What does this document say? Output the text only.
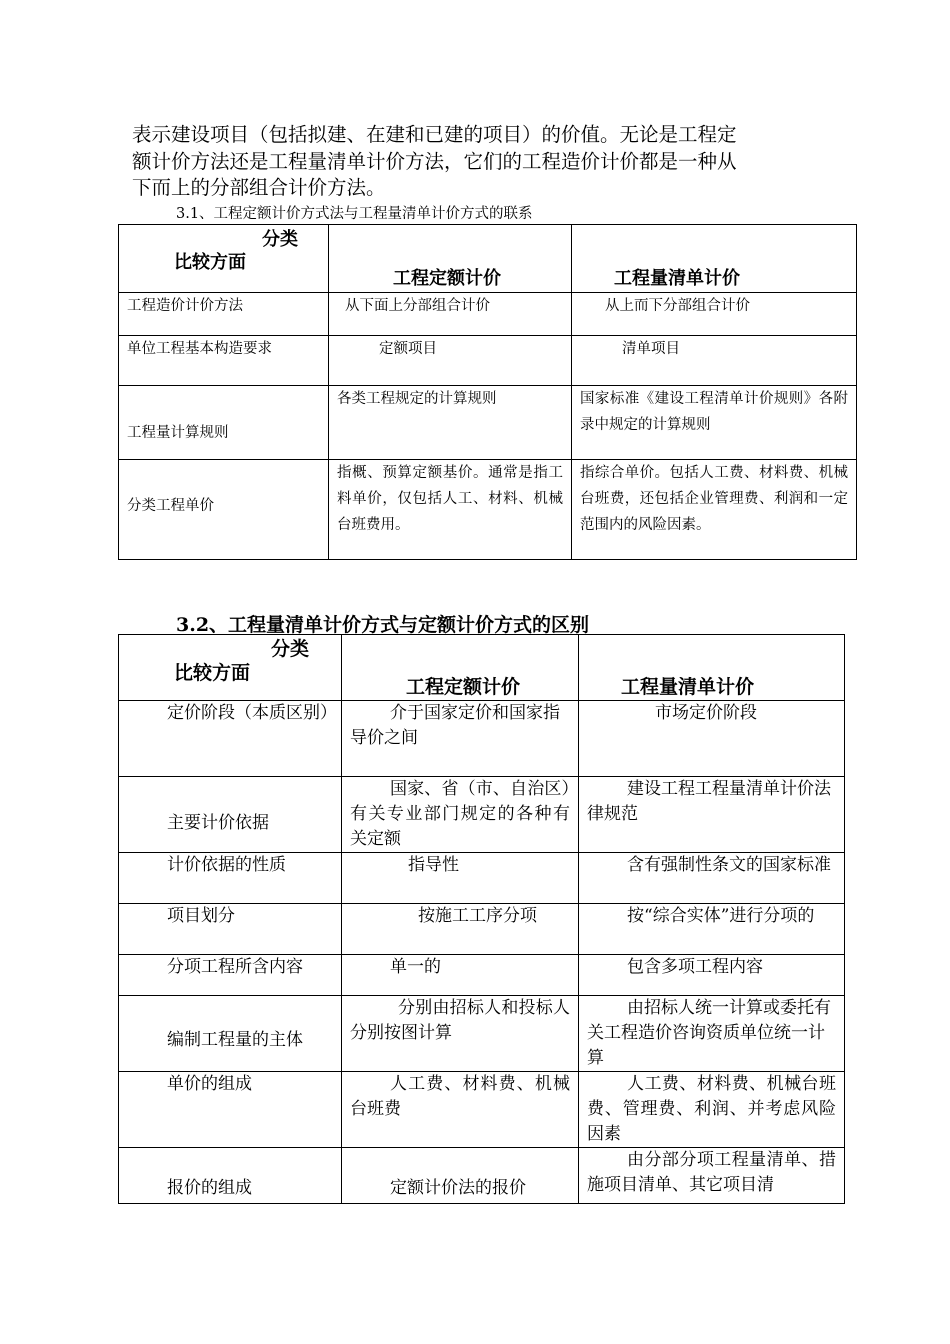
表示建设项目（包括拟建、在建和已建的项目）的价值。无论是工程定
额计价方法还是工程量清单计价方法，它们的工程造价计价都是一种从
下而上的分部组合计价方法。
3.1、工程定额计价方式法与工程量清单计价方式的联系
分类
比较方面	工程定额计价	工程量清单计价
工程造价计价方法	从下面上分部组合计价	从上而下分部组合计价
单位工程基本构造要求	定额项目	清单项目
工程量计算规则	各类工程规定的计算规则	国家标准《建设工程清单计价规则》各附录中规定的计算规则
分类工程单价	指概、预算定额基价。通常是指工料单价，仅包括人工、材料、机械台班费用。	指综合单价。包括人工费、材料费、机械台班费，还包括企业管理费、利润和一定范围内的风险因素。
3.2、工程量清单计价方式与定额计价方式的区别
分类
比较方面	工程定额计价	工程量清单计价
定价阶段（本质区别）	介于国家定价和国家指导价之间	市场定价阶段
主要计价依据	国家、省（市、自治区）有关专业部门规定的各种有关定额	建设工程工程量清单计价法律规范
计价依据的性质	指导性	含有强制性条文的国家标准
项目划分	按施工工序分项	按“综合实体”进行分项的
分项工程所含内容	单一的	包含多项工程内容
编制工程量的主体	分别由招标人和投标人分别按图计算	由招标人统一计算或委托有关工程造价咨询资质单位统一计算
单价的组成	人工费、材料费、机械台班费	人工费、材料费、机械台班费、管理费、利润、并考虑风险因素
报价的组成	定额计价法的报价	由分部分项工程量清单、措施项目清单、其它项目清
